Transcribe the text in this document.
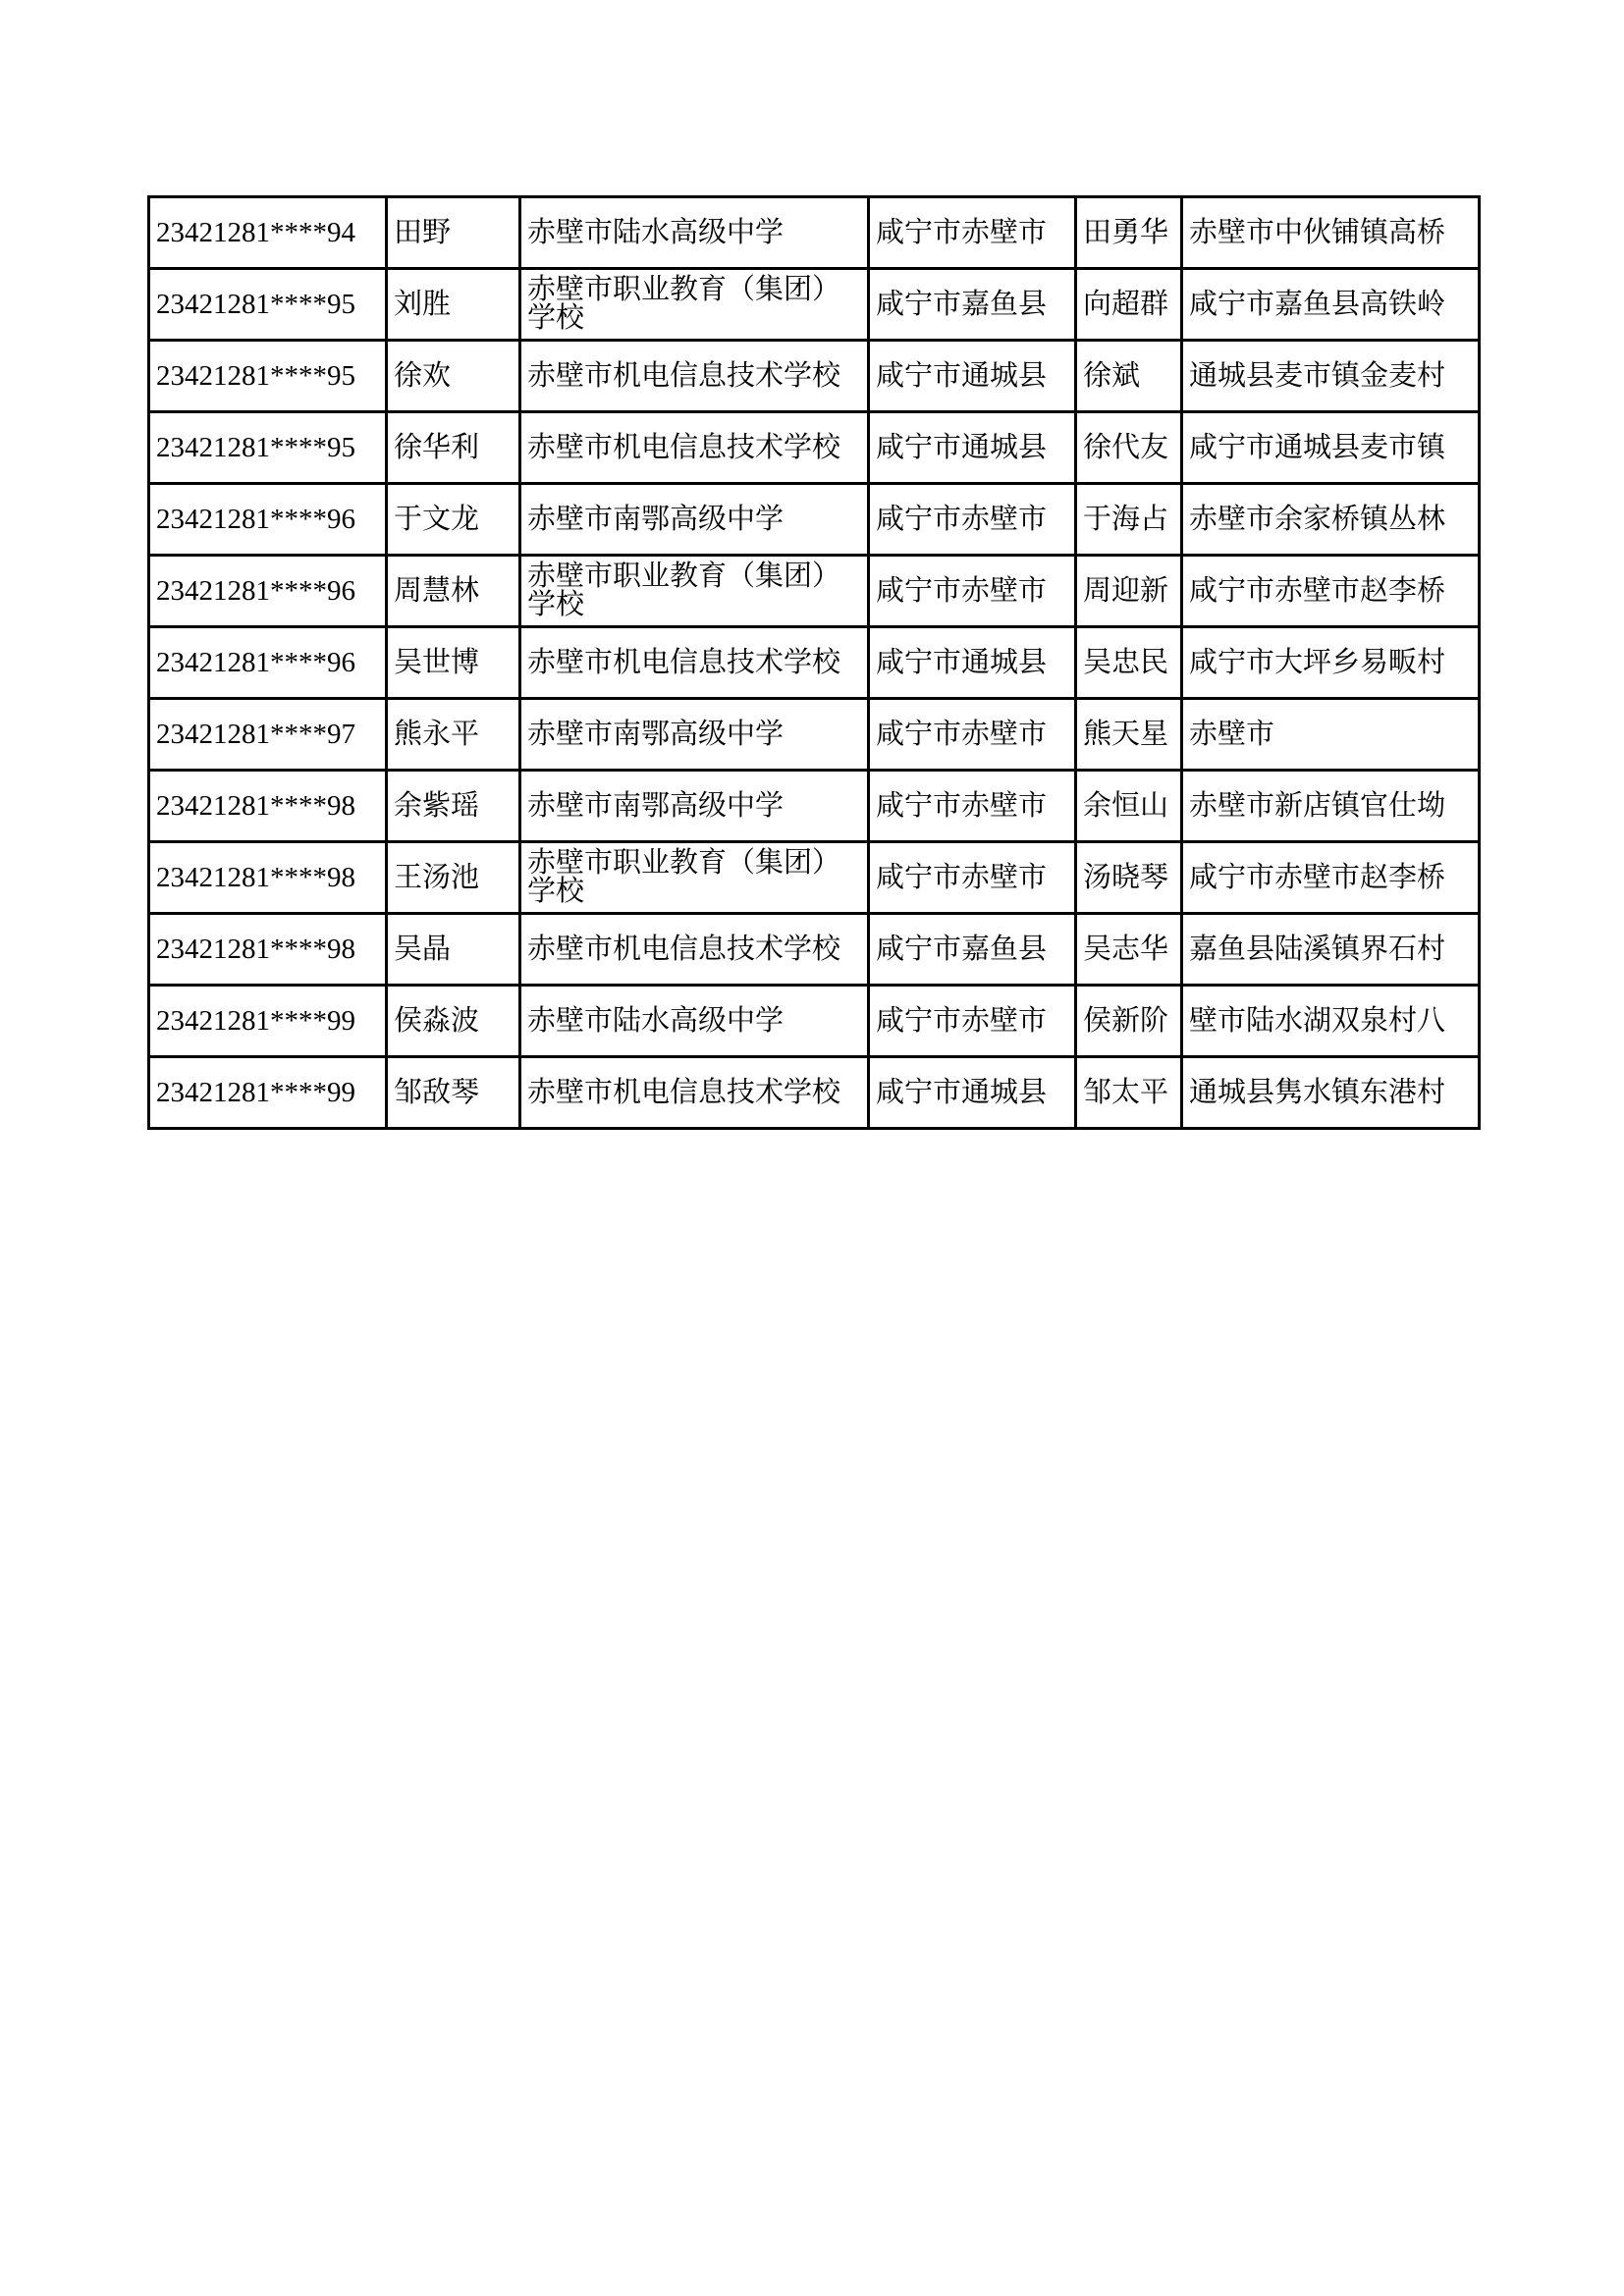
23421281****94	田野	赤壁市陆水高级中学	咸宁市赤壁市	田勇华	赤壁市中伙铺镇高桥
23421281****95	刘胜	赤壁市职业教育（集团）学校	咸宁市嘉鱼县	向超群	咸宁市嘉鱼县高铁岭
23421281****95	徐欢	赤壁市机电信息技术学校	咸宁市通城县	徐斌	通城县麦市镇金麦村
23421281****95	徐华利	赤壁市机电信息技术学校	咸宁市通城县	徐代友	咸宁市通城县麦市镇
23421281****96	于文龙	赤壁市南鄂高级中学	咸宁市赤壁市	于海占	赤壁市余家桥镇丛林
23421281****96	周慧林	赤壁市职业教育（集团）学校	咸宁市赤壁市	周迎新	咸宁市赤壁市赵李桥
23421281****96	吴世博	赤壁市机电信息技术学校	咸宁市通城县	吴忠民	咸宁市大坪乡易畈村
23421281****97	熊永平	赤壁市南鄂高级中学	咸宁市赤壁市	熊天星	赤壁市
23421281****98	余紫瑶	赤壁市南鄂高级中学	咸宁市赤壁市	余恒山	赤壁市新店镇官仕坳
23421281****98	王汤池	赤壁市职业教育（集团）学校	咸宁市赤壁市	汤晓琴	咸宁市赤壁市赵李桥
23421281****98	吴晶	赤壁市机电信息技术学校	咸宁市嘉鱼县	吴志华	嘉鱼县陆溪镇界石村
23421281****99	侯淼波	赤壁市陆水高级中学	咸宁市赤壁市	侯新阶	壁市陆水湖双泉村八
23421281****99	邹敌琴	赤壁市机电信息技术学校	咸宁市通城县	邹太平	通城县隽水镇东港村
